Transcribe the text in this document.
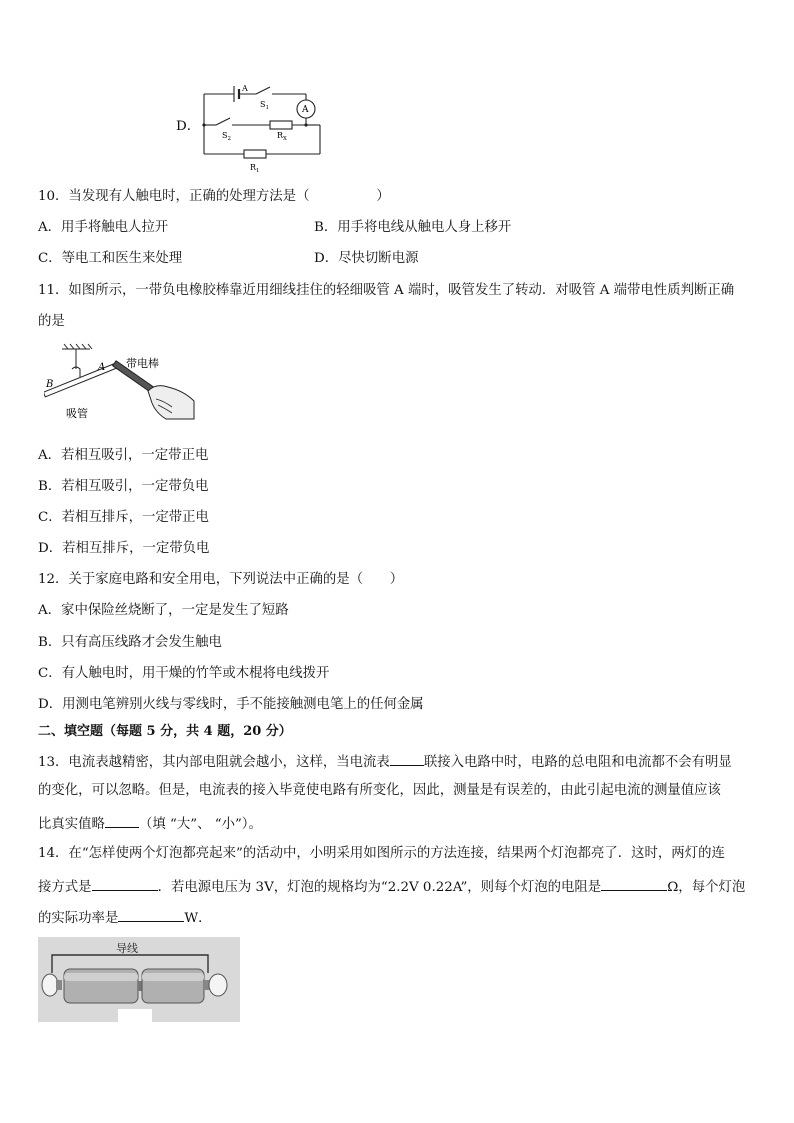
D．
A
$S_1$	A
$S_2$	$R_X$
$R_1$
10．当发现有人触电时，正确的处理方法是（　　　　　）
A．用手将触电人拉开	B．用手将电线从触电人身上移开
C．等电工和医生来处理	D．尽快切断电源
11．如图所示，一带负电橡胶棒靠近用细线挂住的轻细吸管 A 端时，吸管发生了转动．对吸管 A 端带电性质判断正确
的是
带电棒
A
B
吸管
A．若相互吸引，一定带正电
B．若相互吸引，一定带负电
C．若相互排斥，一定带正电
D．若相互排斥，一定带负电
12．关于家庭电路和安全用电，下列说法中正确的是（　　）
A．家中保险丝烧断了，一定是发生了短路
B．只有高压线路才会发生触电
C．有人触电时，用干燥的竹竿或木棍将电线拨开
D．用测电笔辨别火线与零线时，手不能接触测电笔上的任何金属
二、填空题（每题 5 分，共 4 题，20 分）
13．电流表越精密，其内部电阻就会越小，这样，当电流表	联接入电路中时，电路的总电阻和电流都不会有明显
的变化，可以忽略。但是，电流表的接入毕竟使电路有所变化，因此，测量是有误差的，由此引起电流的测量值应该
比真实值略	（填 “大”、 “小”）。
14．在“怎样使两个灯泡都亮起来”的活动中，小明采用如图所示的方法连接，结果两个灯泡都亮了．这时，两灯的连
接方式是	．若电源电压为 3V，灯泡的规格均为“2.2V 0.22A”，则每个灯泡的电阻是	Ω，每个灯泡
的实际功率是	W．
导线
